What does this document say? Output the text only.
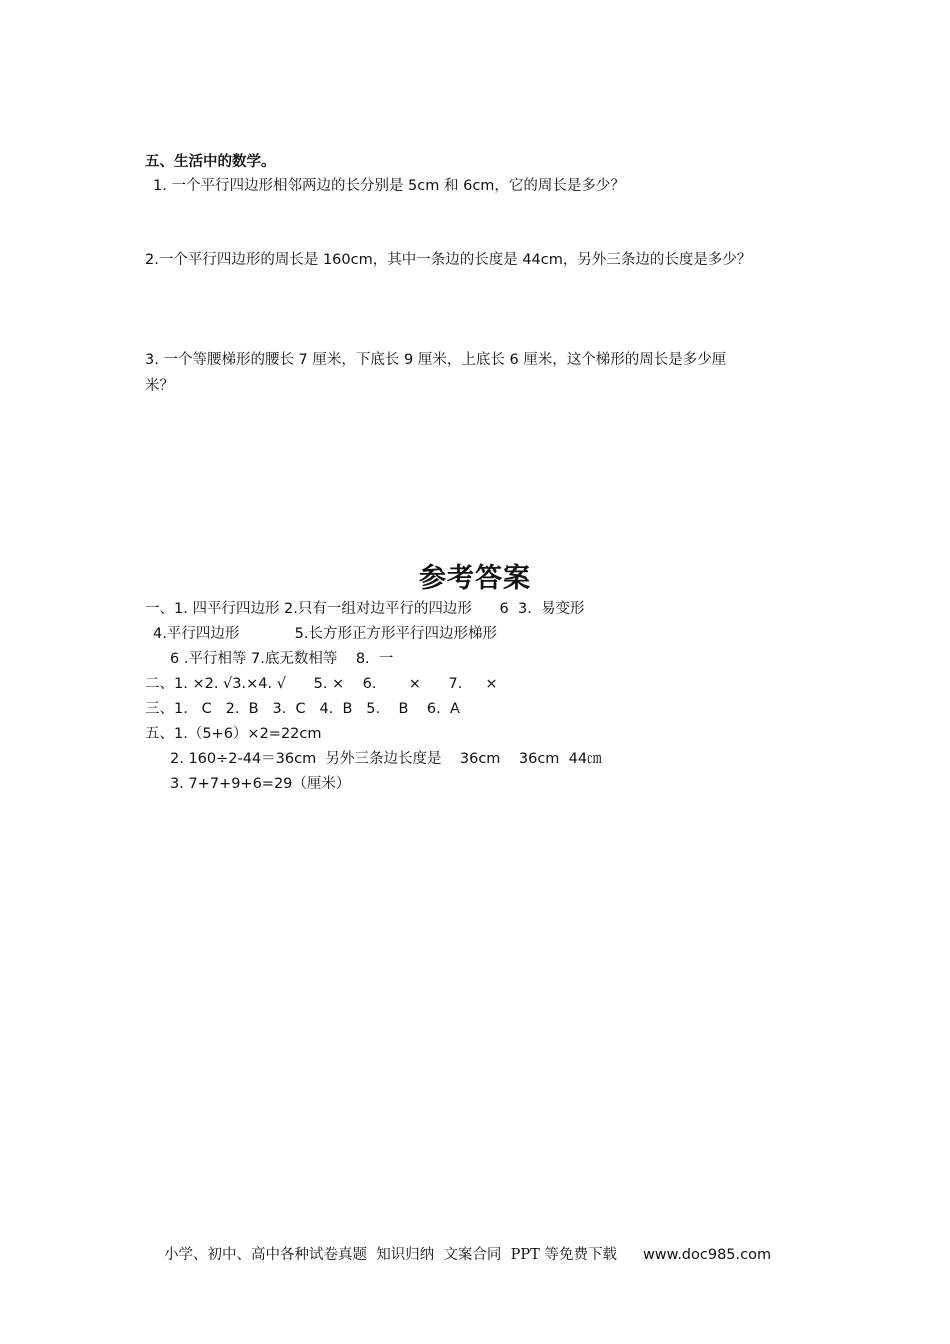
五、生活中的数学。
1. 一个平行四边形相邻两边的长分别是 5cm 和 6cm，它的周长是多少？
2.一个平行四边形的周长是 160cm，其中一条边的长度是 44cm，另外三条边的长度是多少？
3. 一个等腰梯形的腰长 7 厘米，下底长 9 厘米，上底长 6 厘米，这个梯形的周长是多少厘
米？
参考答案
一、1. 四平行四边形 2.只有一组对边平行的四边形      6  3.  易变形
4.平行四边形            5.长方形正方形平行四边形梯形
6 .平行相等 7.底无数相等    8.  一
二、1. ×2. √3.×4. √      5. ×    6.       ×      7.     ×
三、1.   C   2.  B   3.  C   4.  B   5.    B    6.  A
五、1.（5+6）×2=22cm
2. 160÷2-44＝36cm  另外三条边长度是    36cm    36cm  44㎝
3. 7+7+9+6=29（厘米）
小学、初中、高中各种试卷真题  知识归纳  文案合同  PPT 等免费下载 www.doc985.com
